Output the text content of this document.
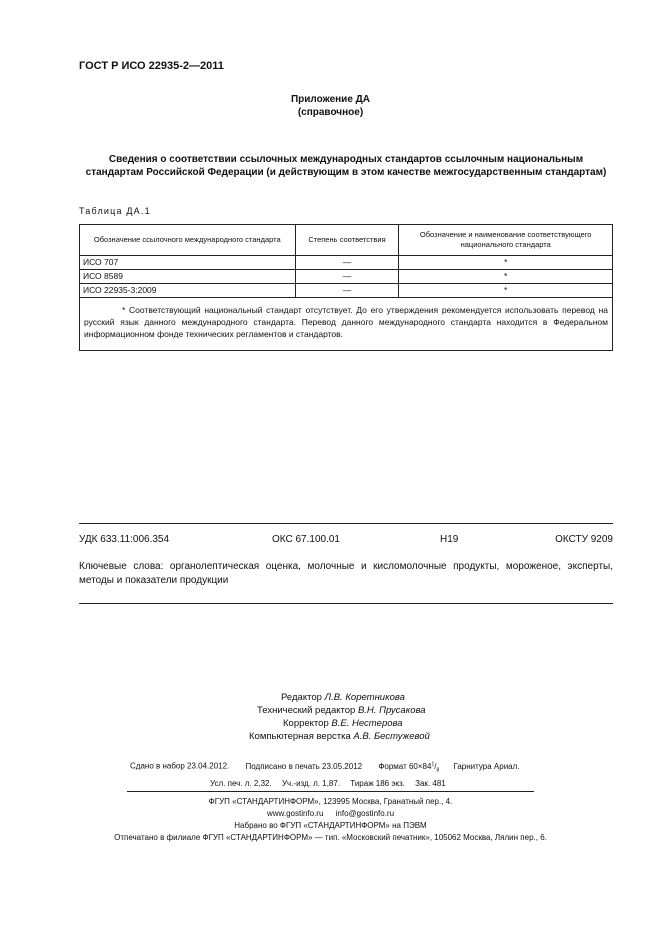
ГОСТ Р ИСО 22935-2—2011
Приложение ДА
(справочное)
Сведения о соответствии ссылочных международных стандартов ссылочным национальным стандартам Российской Федерации (и действующим в этом качестве межгосударственным стандартам)
Таблица ДА.1
Обозначение ссылочного международного стандарта	Степень соответствия	Обозначение и наименование соответствующего национального стандарта
ИСО 707	—	*
ИСО 8589	—	*
ИСО 22935-3:2009	—	*
* Соответствующий национальный стандарт отсутствует. До его утверждения рекомендуется использовать перевод на русский язык данного международного стандарта. Перевод данного международного стандарта находится в Федеральном информационном фонде технических регламентов и стандартов.		
УДК 633.11:006.354	ОКС 67.100.01	Н19	ОКСТУ 9209
Ключевые слова: органолептическая оценка, молочные и кисломолочные продукты, мороженое, эксперты, методы и показатели продукции
Редактор Л.В. Коретникова
Технический редактор В.Н. Прусакова
Корректор В.Е. Нестерова
Компьютерная верстка А.В. Бестужевой
Сдано в набор 23.04.2012. Подписано в печать 23.05.2012 Формат $60\times 84^1/_8$ Гарнитура Ариал.
Усл. печ. л. 2,32. Уч.-изд. л. 1,87. Тираж 186 экз. Зак. 481
ФГУП «СТАНДАРТИНФОРМ», 123995 Москва, Гранатный пер., 4.
www.gostinfo.ru info@gostinfo.ru
Набрано во ФГУП «СТАНДАРТИНФОРМ» на ПЭВМ
Отпечатано в филиале ФГУП «СТАНДАРТИНФОРМ» — тип. «Московский печатник», 105062 Москва, Лялин пер., 6.
